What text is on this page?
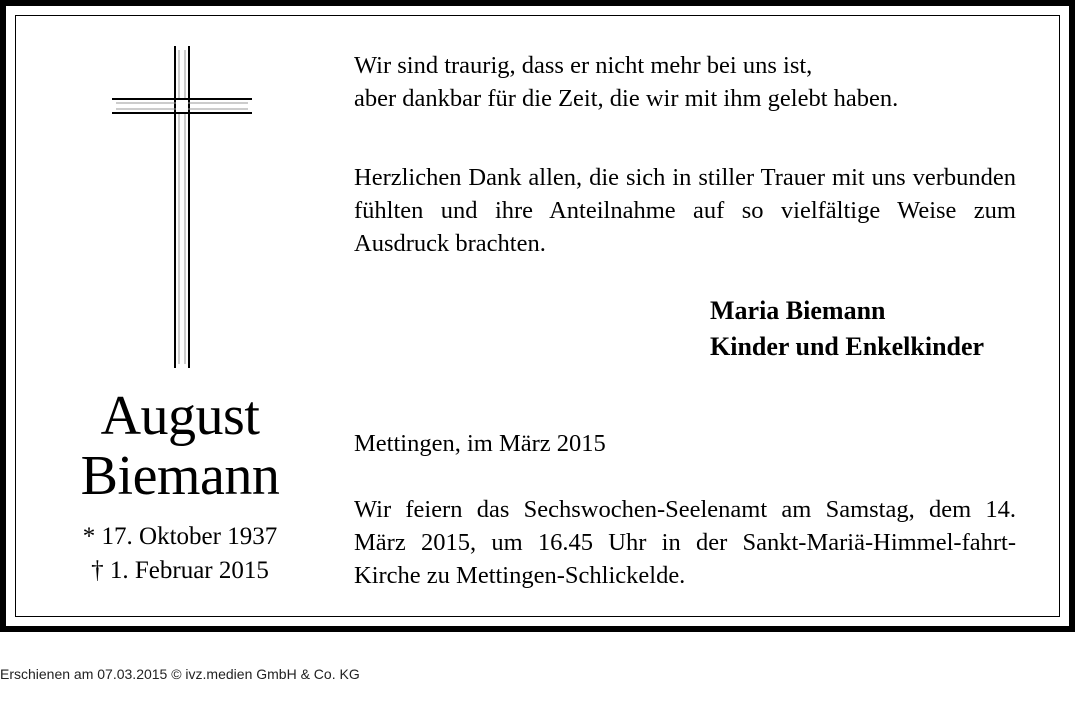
August
Biemann
* 17. Oktober 1937
† 1. Februar 2015
Wir sind traurig, dass er nicht mehr bei uns ist,
aber dankbar für die Zeit, die wir mit ihm gelebt haben.
Herzlichen Dank allen, die sich in stiller Trauer mit uns verbunden fühlten und ihre Anteilnahme auf so vielfältige Weise zum Ausdruck brachten.
Maria Biemann
Kinder und Enkelkinder
Mettingen, im März 2015
Wir feiern das Sechswochen-Seelenamt am Samstag, dem 14. März 2015, um 16.45 Uhr in der Sankt-Mariä-Himmel-fahrt-Kirche zu Mettingen-Schlickelde.
Erschienen am 07.03.2015 © ivz.medien GmbH & Co. KG
